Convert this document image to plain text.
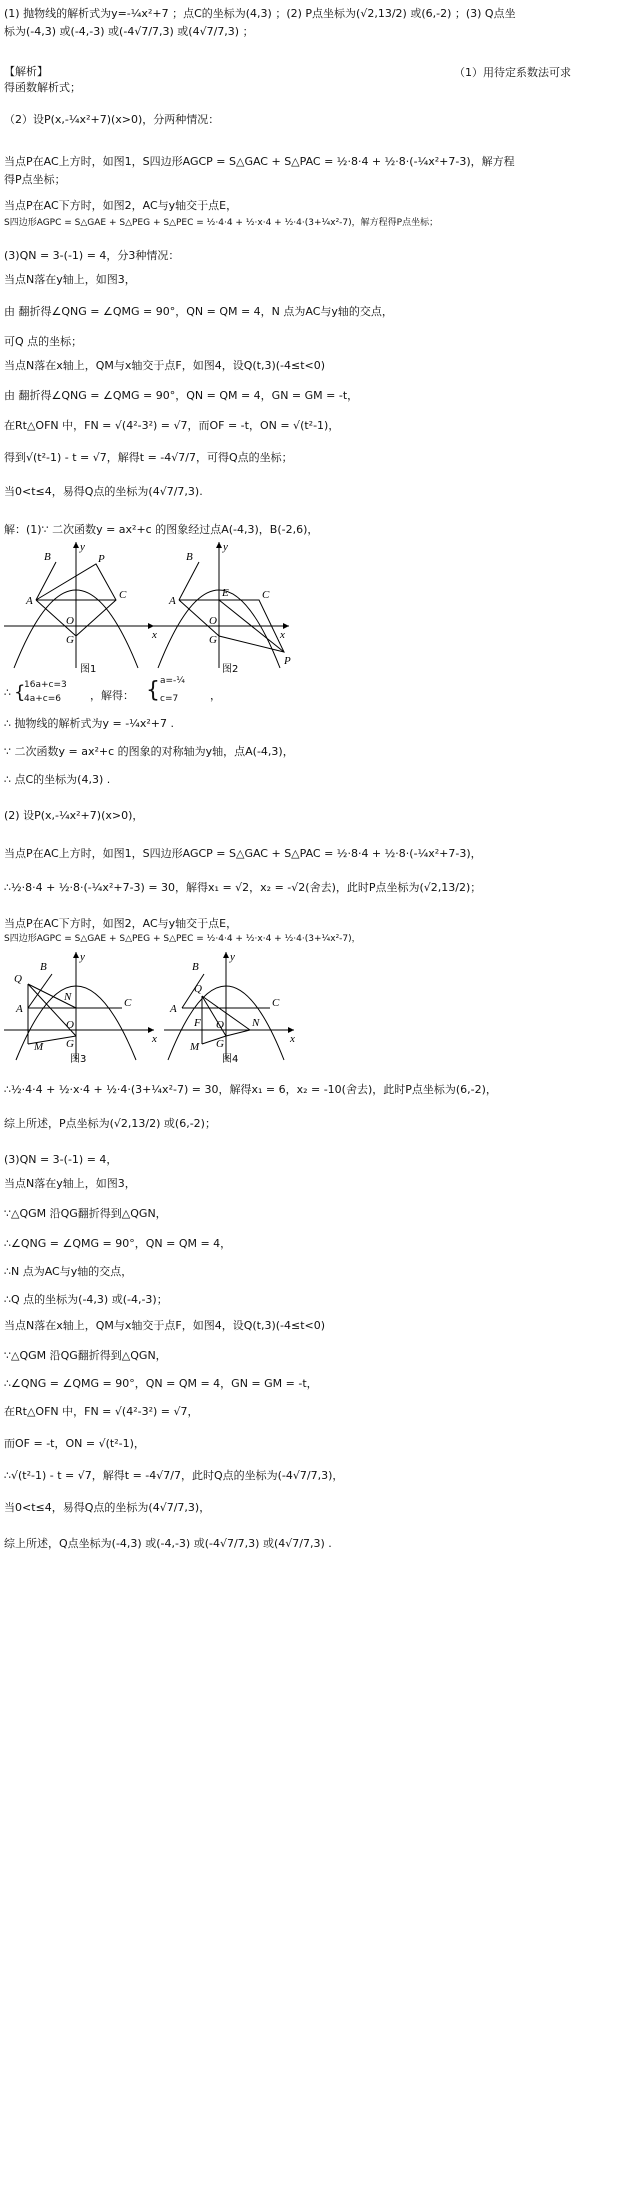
(1) 抛物线的解析式为y=-¼x²+7 ；点C的坐标为(4,3) ；(2) P点坐标为(√2,13/2) 或(6,-2) ；(3) Q点坐
标为(-4,3) 或(-4,-3) 或(-4√7/7,3) 或(4√7/7,3) ；
【解析】	（1）用待定系数法可求
得函数解析式；
（2）设P(x,-¼x²+7)(x>0)，分两种情况：
当点P在AC上方时，如图1，S四边形AGCP = S△GAC + S△PAC = ½·8·4 + ½·8·(-¼x²+7-3)，解方程
得P点坐标；
当点P在AC下方时，如图2，AC与y轴交于点E，
S四边形AGPC = S△GAE + S△PEG + S△PEC = ½·4·4 + ½·x·4 + ½·4·(3+¼x²-7)，解方程得P点坐标；
(3)QN = 3-(-1) = 4，分3种情况：
当点N落在y轴上，如图3，
由 翻折得∠QNG = ∠QMG = 90°，QN = QM = 4，N 点为AC与y轴的交点，
可Q 点的坐标；
当点N落在x轴上，QM与x轴交于点F，如图4，设Q(t,3)(-4≤t<0)
由 翻折得∠QNG = ∠QMG = 90°，QN = QM = 4，GN = GM = -t，
在Rt△OFN 中，FN = √(4²-3²) = √7，而OF = -t，ON = √(t²-1)，
得到√(t²-1) - t = √7，解得t = -4√7/7，可得Q点的坐标；
当0<t≤4，易得Q点的坐标为(4√7/7,3).
解：(1)∵ 二次函数y = ax²+c 的图象经过点A(-4,3)，B(-2,6)，
B	P
A	C
O
G	x
y
图1
B
E
A	C
O
G
P
x
y
图2
∴ {
16a+c=3
4a+c=6	，解得： { a=-¼
c=7	，
∴ 抛物线的解析式为y = -¼x²+7 .
∵ 二次函数y = ax²+c 的图象的对称轴为y轴，点A(-4,3)，
∴ 点C的坐标为(4,3) .
(2) 设P(x,-¼x²+7)(x>0)，
当点P在AC上方时，如图1，S四边形AGCP = S△GAC + S△PAC = ½·8·4 + ½·8·(-¼x²+7-3)，
∴½·8·4 + ½·8·(-¼x²+7-3) = 30，解得x₁ = √2，x₂ = -√2(舍去)，此时P点坐标为(√2,13/2)；
当点P在AC下方时，如图2，AC与y轴交于点E，
S四边形AGPC = S△GAE + S△PEG + S△PEC = ½·4·4 + ½·x·4 + ½·4·(3+¼x²-7)，
Q
B
N
A	C
O
G
M
x
y
图3
B
Q
A	C
F	N
O
G
M
x
y
图4
∴½·4·4 + ½·x·4 + ½·4·(3+¼x²-7) = 30，解得x₁ = 6，x₂ = -10(舍去)，此时P点坐标为(6,-2)，
综上所述，P点坐标为(√2,13/2) 或(6,-2)；
(3)QN = 3-(-1) = 4，
当点N落在y轴上，如图3，
∵△QGM 沿QG翻折得到△QGN，
∴∠QNG = ∠QMG = 90°，QN = QM = 4，
∴N 点为AC与y轴的交点，
∴Q 点的坐标为(-4,3) 或(-4,-3)；
当点N落在x轴上，QM与x轴交于点F，如图4，设Q(t,3)(-4≤t<0)
∵△QGM 沿QG翻折得到△QGN，
∴∠QNG = ∠QMG = 90°，QN = QM = 4，GN = GM = -t，
在Rt△OFN 中，FN = √(4²-3²) = √7，
而OF = -t，ON = √(t²-1)，
∴√(t²-1) - t = √7，解得t = -4√7/7，此时Q点的坐标为(-4√7/7,3)，
当0<t≤4，易得Q点的坐标为(4√7/7,3)，
综上所述，Q点坐标为(-4,3) 或(-4,-3) 或(-4√7/7,3) 或(4√7/7,3) .
